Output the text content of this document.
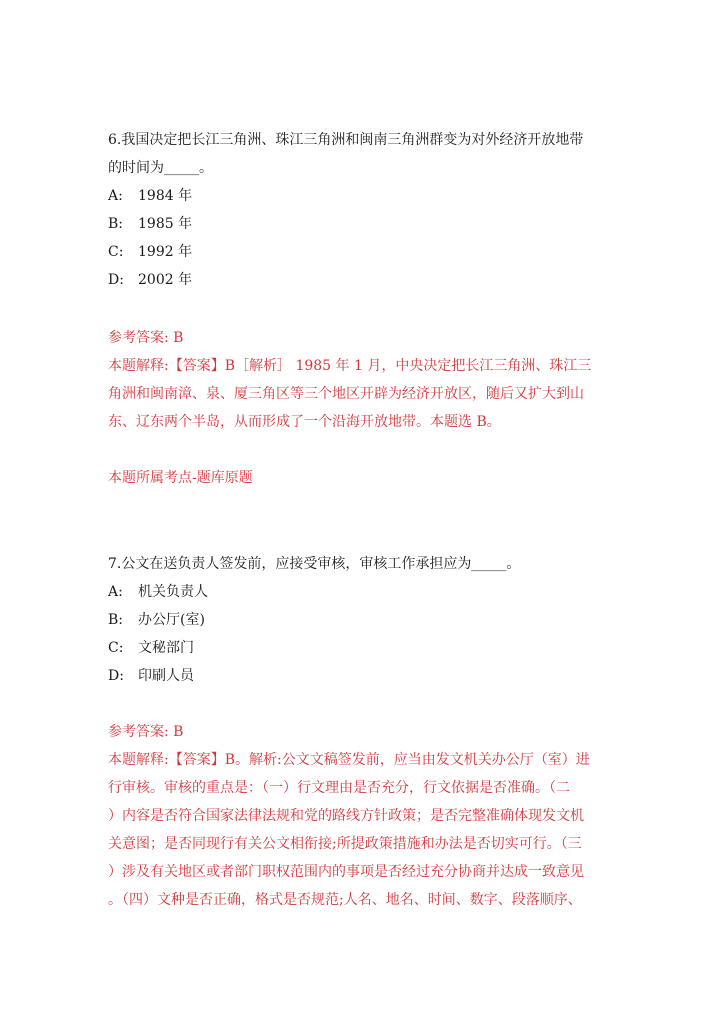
6.我国决定把长江三角洲、珠江三角洲和闽南三角洲群变为对外经济开放地带
的时间为_____。
A: 1984 年
B: 1985 年
C: 1992 年
D: 2002 年
参考答案: B
本题解释:【答案】B［解析］ 1985 年 1 月，中央决定把长江三角洲、珠江三
角洲和闽南漳、泉、厦三角区等三个地区开辟为经济开放区，随后又扩大到山
东、辽东两个半岛，从而形成了一个沿海开放地带。本题选 B。
本题所属考点-题库原题
7.公文在送负责人签发前，应接受审核，审核工作承担应为_____。
A: 机关负责人
B: 办公厅(室)
C: 文秘部门
D: 印刷人员
参考答案: B
本题解释:【答案】B。解析:公文文稿签发前，应当由发文机关办公厅（室）进
行审核。审核的重点是：（一）行文理由是否充分，行文依据是否准确。（二
）内容是否符合国家法律法规和党的路线方针政策；是否完整准确体现发文机
关意图；是否同现行有关公文相衔接;所提政策措施和办法是否切实可行。（三
）涉及有关地区或者部门职权范围内的事项是否经过充分协商并达成一致意见
。（四）文种是否正确，格式是否规范;人名、地名、时间、数字、段落顺序、
